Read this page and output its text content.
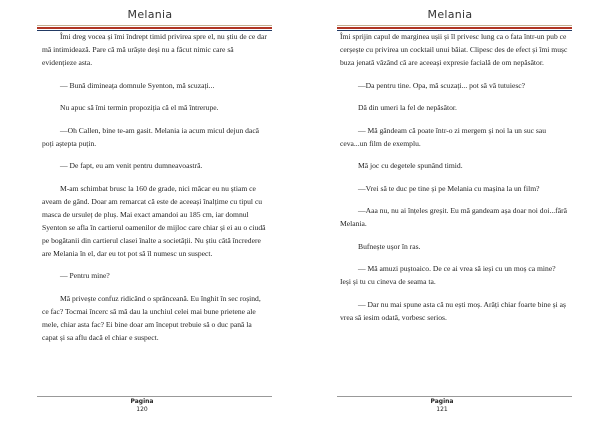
Melania

Îmi dreg vocea și îmi îndrept timid privirea spre el, nu știu de ce dar mă intimidează. Pare că mă urăște deși nu a făcut nimic care să evidențieze asta.

— Bună dimineața domnule Syenton, mă scuzați...

Nu apuc să îmi termin propoziția că el mă întrerupe.

—Oh Callen, bine te-am gasit. Melania ia acum micul dejun dacă poți aștepta puțin.

— De fapt, eu am venit pentru dumneavoastră.

M-am schimbat brusc la 160 de grade, nici măcar eu nu știam ce aveam de gând. Doar am remarcat că este de aceeași înalțime cu tipul cu masca de ursuleț de pluș. Mai exact amandoi au 185 cm, iar domnul Syenton se afla în cartierul oamenilor de mijloc care chiar și ei au o ciudă pe bogătanii din cartierul clasei înalte a societății. Nu știu câtă încredere are Melania în el, dar eu tot pot să îl numesc un suspect.

— Pentru mine?

Mă privește confuz ridicând o sprânceană. Eu înghit în sec roșind, ce fac? Tocmai încerc să mă dau la unchiul celei mai bune prietene ale mele, chiar asta fac? Ei bine doar am început trebuie să o duc pană la capat și sa aflu dacă el chiar e suspect.

Pagina
120
Melania

Îmi sprijin capul de marginea ușii și îl privesc lung ca o fata într-un pub ce cerșește cu privirea un cocktail unui băiat. Clipesc des de efect și îmi mușc buza jenată văzând că are aceeași expresie facială de om nepăsător.

—Da pentru tine. Opa, mă scuzați... pot să vă tutuiesc?

Dă din umeri la fel de nepăsător.

— Mă gândeam că poate într-o zi mergem și noi la un suc sau ceva...un film de exemplu.

Mă joc cu degetele spunând timid.

—Vrei să te duc pe tine și pe Melania cu mașina la un film?

—Aaa nu, nu ai înțeles greșit. Eu mă gandeam așa doar noi doi...fără Melania.

Bufnește ușor în ras.

— Mă amuzi puștoaico. De ce ai vrea să ieși cu un moș ca mine? Ieși și tu cu cineva de seama ta.

— Dar nu mai spune asta că nu ești moș. Arăți chiar foarte bine și aș vrea să iesim odată, vorbesc serios.

Pagina
121
